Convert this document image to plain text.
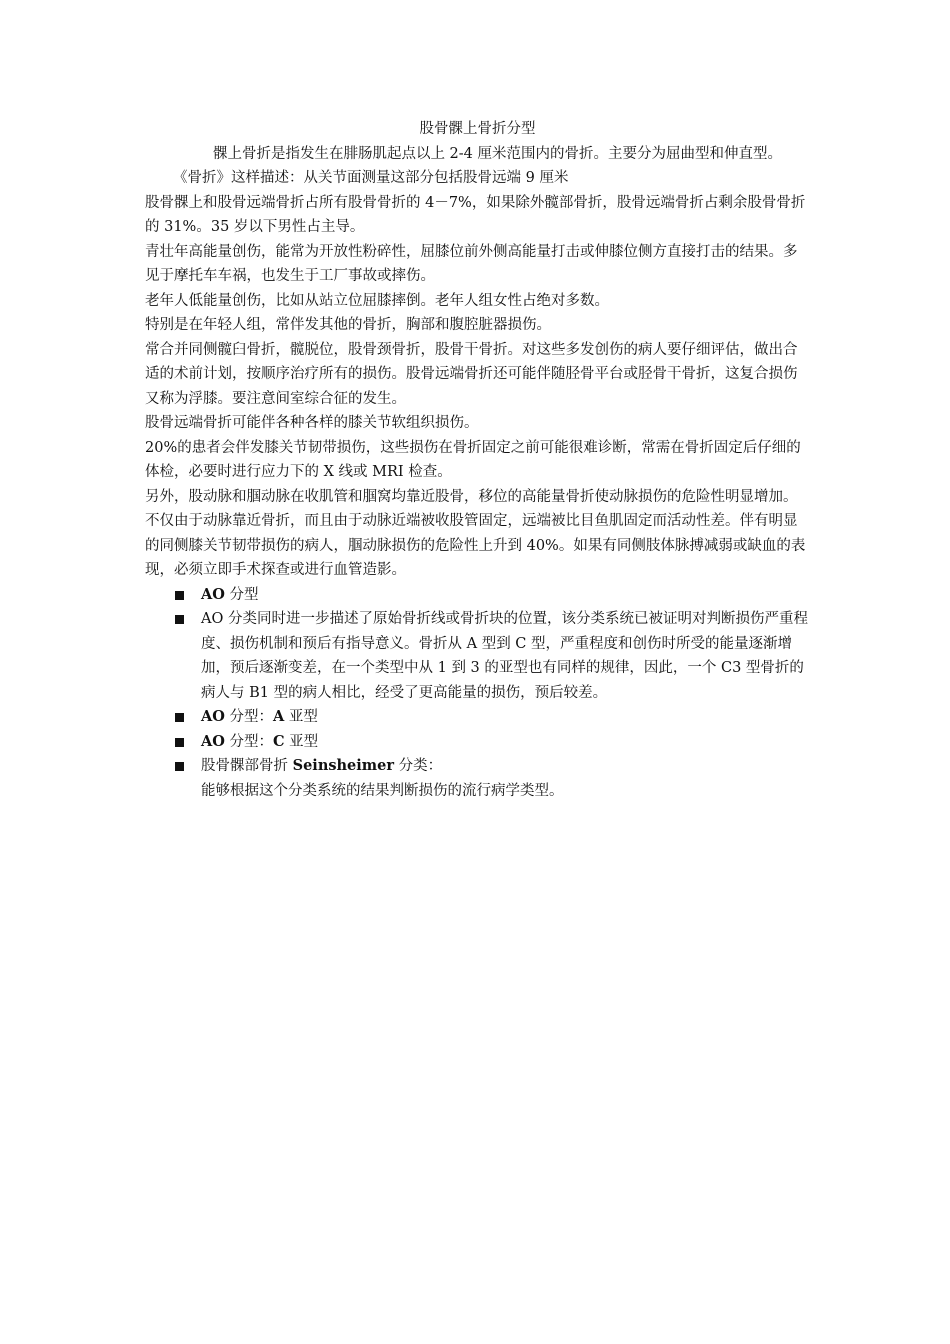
股骨髁上骨折分型

髁上骨折是指发生在腓肠肌起点以上 2-4 厘米范围内的骨折。主要分为屈曲型和伸直型。

《骨折》这样描述：从关节面测量这部分包括股骨远端 9 厘米

股骨髁上和股骨远端骨折占所有股骨骨折的 4－7%，如果除外髋部骨折，股骨远端骨折占剩余股骨骨折的 31%。35 岁以下男性占主导。

青壮年高能量创伤，能常为开放性粉碎性，屈膝位前外侧高能量打击或伸膝位侧方直接打击的结果。多见于摩托车车祸，也发生于工厂事故或摔伤。

老年人低能量创伤，比如从站立位屈膝摔倒。老年人组女性占绝对多数。

特别是在年轻人组，常伴发其他的骨折，胸部和腹腔脏器损伤。

常合并同侧髋臼骨折，髋脱位，股骨颈骨折，股骨干骨折。对这些多发创伤的病人要仔细评估，做出合适的术前计划，按顺序治疗所有的损伤。股骨远端骨折还可能伴随胫骨平台或胫骨干骨折，这复合损伤又称为浮膝。要注意间室综合征的发生。

股骨远端骨折可能伴各种各样的膝关节软组织损伤。

20%的患者会伴发膝关节韧带损伤，这些损伤在骨折固定之前可能很难诊断，常需在骨折固定后仔细的体检，必要时进行应力下的 X 线或 MRI 检查。

另外，股动脉和腘动脉在收肌管和腘窝均靠近股骨，移位的高能量骨折使动脉损伤的危险性明显增加。不仅由于动脉靠近骨折，而且由于动脉近端被收股管固定，远端被比目鱼肌固定而活动性差。伴有明显的同侧膝关节韧带损伤的病人，腘动脉损伤的危险性上升到 40%。如果有同侧肢体脉搏减弱或缺血的表现，必须立即手术探查或进行血管造影。

AO 分型
AO 分类同时进一步描述了原始骨折线或骨折块的位置，该分类系统已被证明对判断损伤严重程度、损伤机制和预后有指导意义。骨折从 A 型到 C 型，严重程度和创伤时所受的能量逐渐增加，预后逐渐变差，在一个类型中从 1 到 3 的亚型也有同样的规律，因此，一个 C3 型骨折的病人与 B1 型的病人相比，经受了更高能量的损伤，预后较差。
AO 分型：A 亚型
AO 分型：C 亚型
股骨髁部骨折 Seinsheimer 分类：

能够根据这个分类系统的结果判断损伤的流行病学类型。
